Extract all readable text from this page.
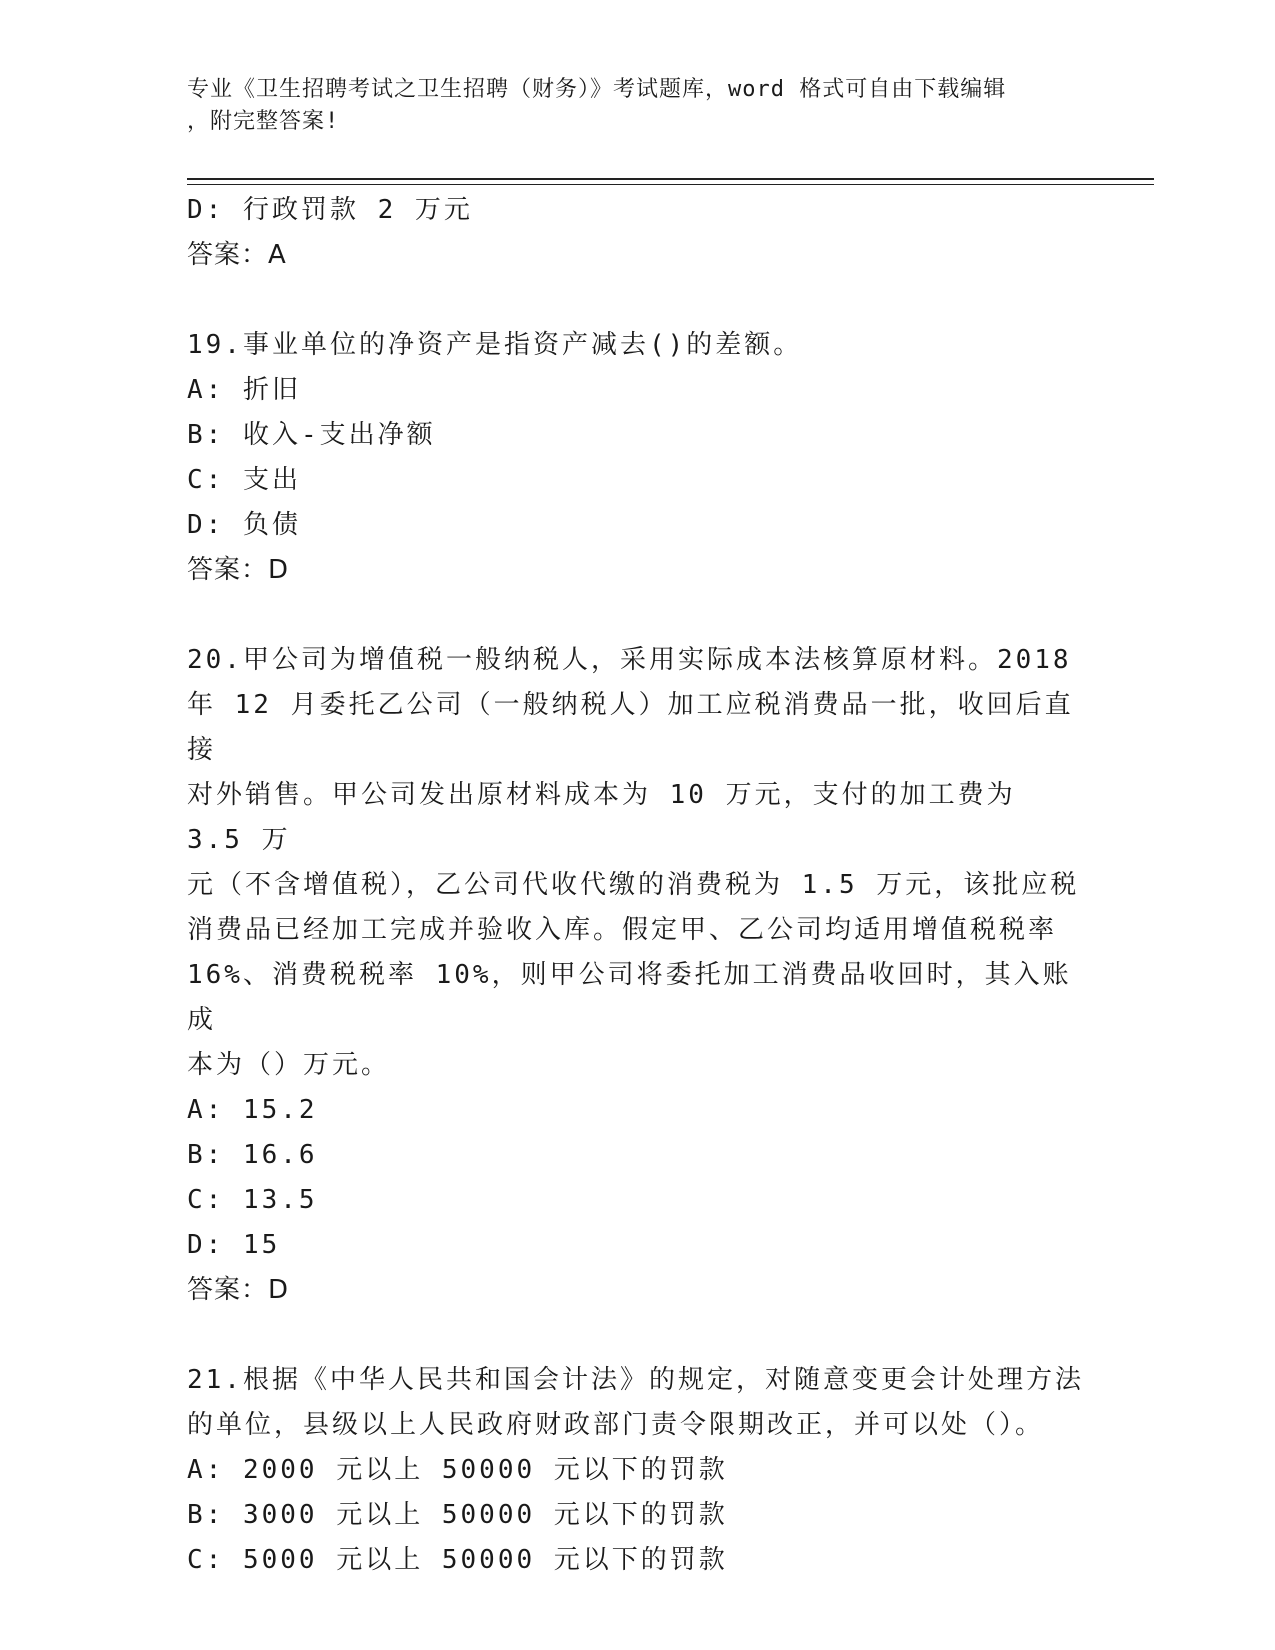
专业《卫生招聘考试之卫生招聘（财务）》考试题库，word 格式可自由下载编辑
，附完整答案!
D: 行政罚款 2 万元
答案：A
19.事业单位的净资产是指资产减去()的差额。
A: 折旧
B: 收入-支出净额
C: 支出
D: 负债
答案：D
20.甲公司为增值税一般纳税人，采用实际成本法核算原材料。2018
年 12 月委托乙公司（一般纳税人）加工应税消费品一批，收回后直接
对外销售。甲公司发出原材料成本为 10 万元，支付的加工费为 3.5 万
元（不含增值税），乙公司代收代缴的消费税为 1.5 万元，该批应税
消费品已经加工完成并验收入库。假定甲、乙公司均适用增值税税率
16%、消费税税率 10%，则甲公司将委托加工消费品收回时，其入账成
本为（）万元。
A: 15.2
B: 16.6
C: 13.5
D: 15
答案：D
21.根据《中华人民共和国会计法》的规定，对随意变更会计处理方法
的单位，县级以上人民政府财政部门责令限期改正，并可以处（）。
A: 2000 元以上 50000 元以下的罚款
B: 3000 元以上 50000 元以下的罚款
C: 5000 元以上 50000 元以下的罚款
